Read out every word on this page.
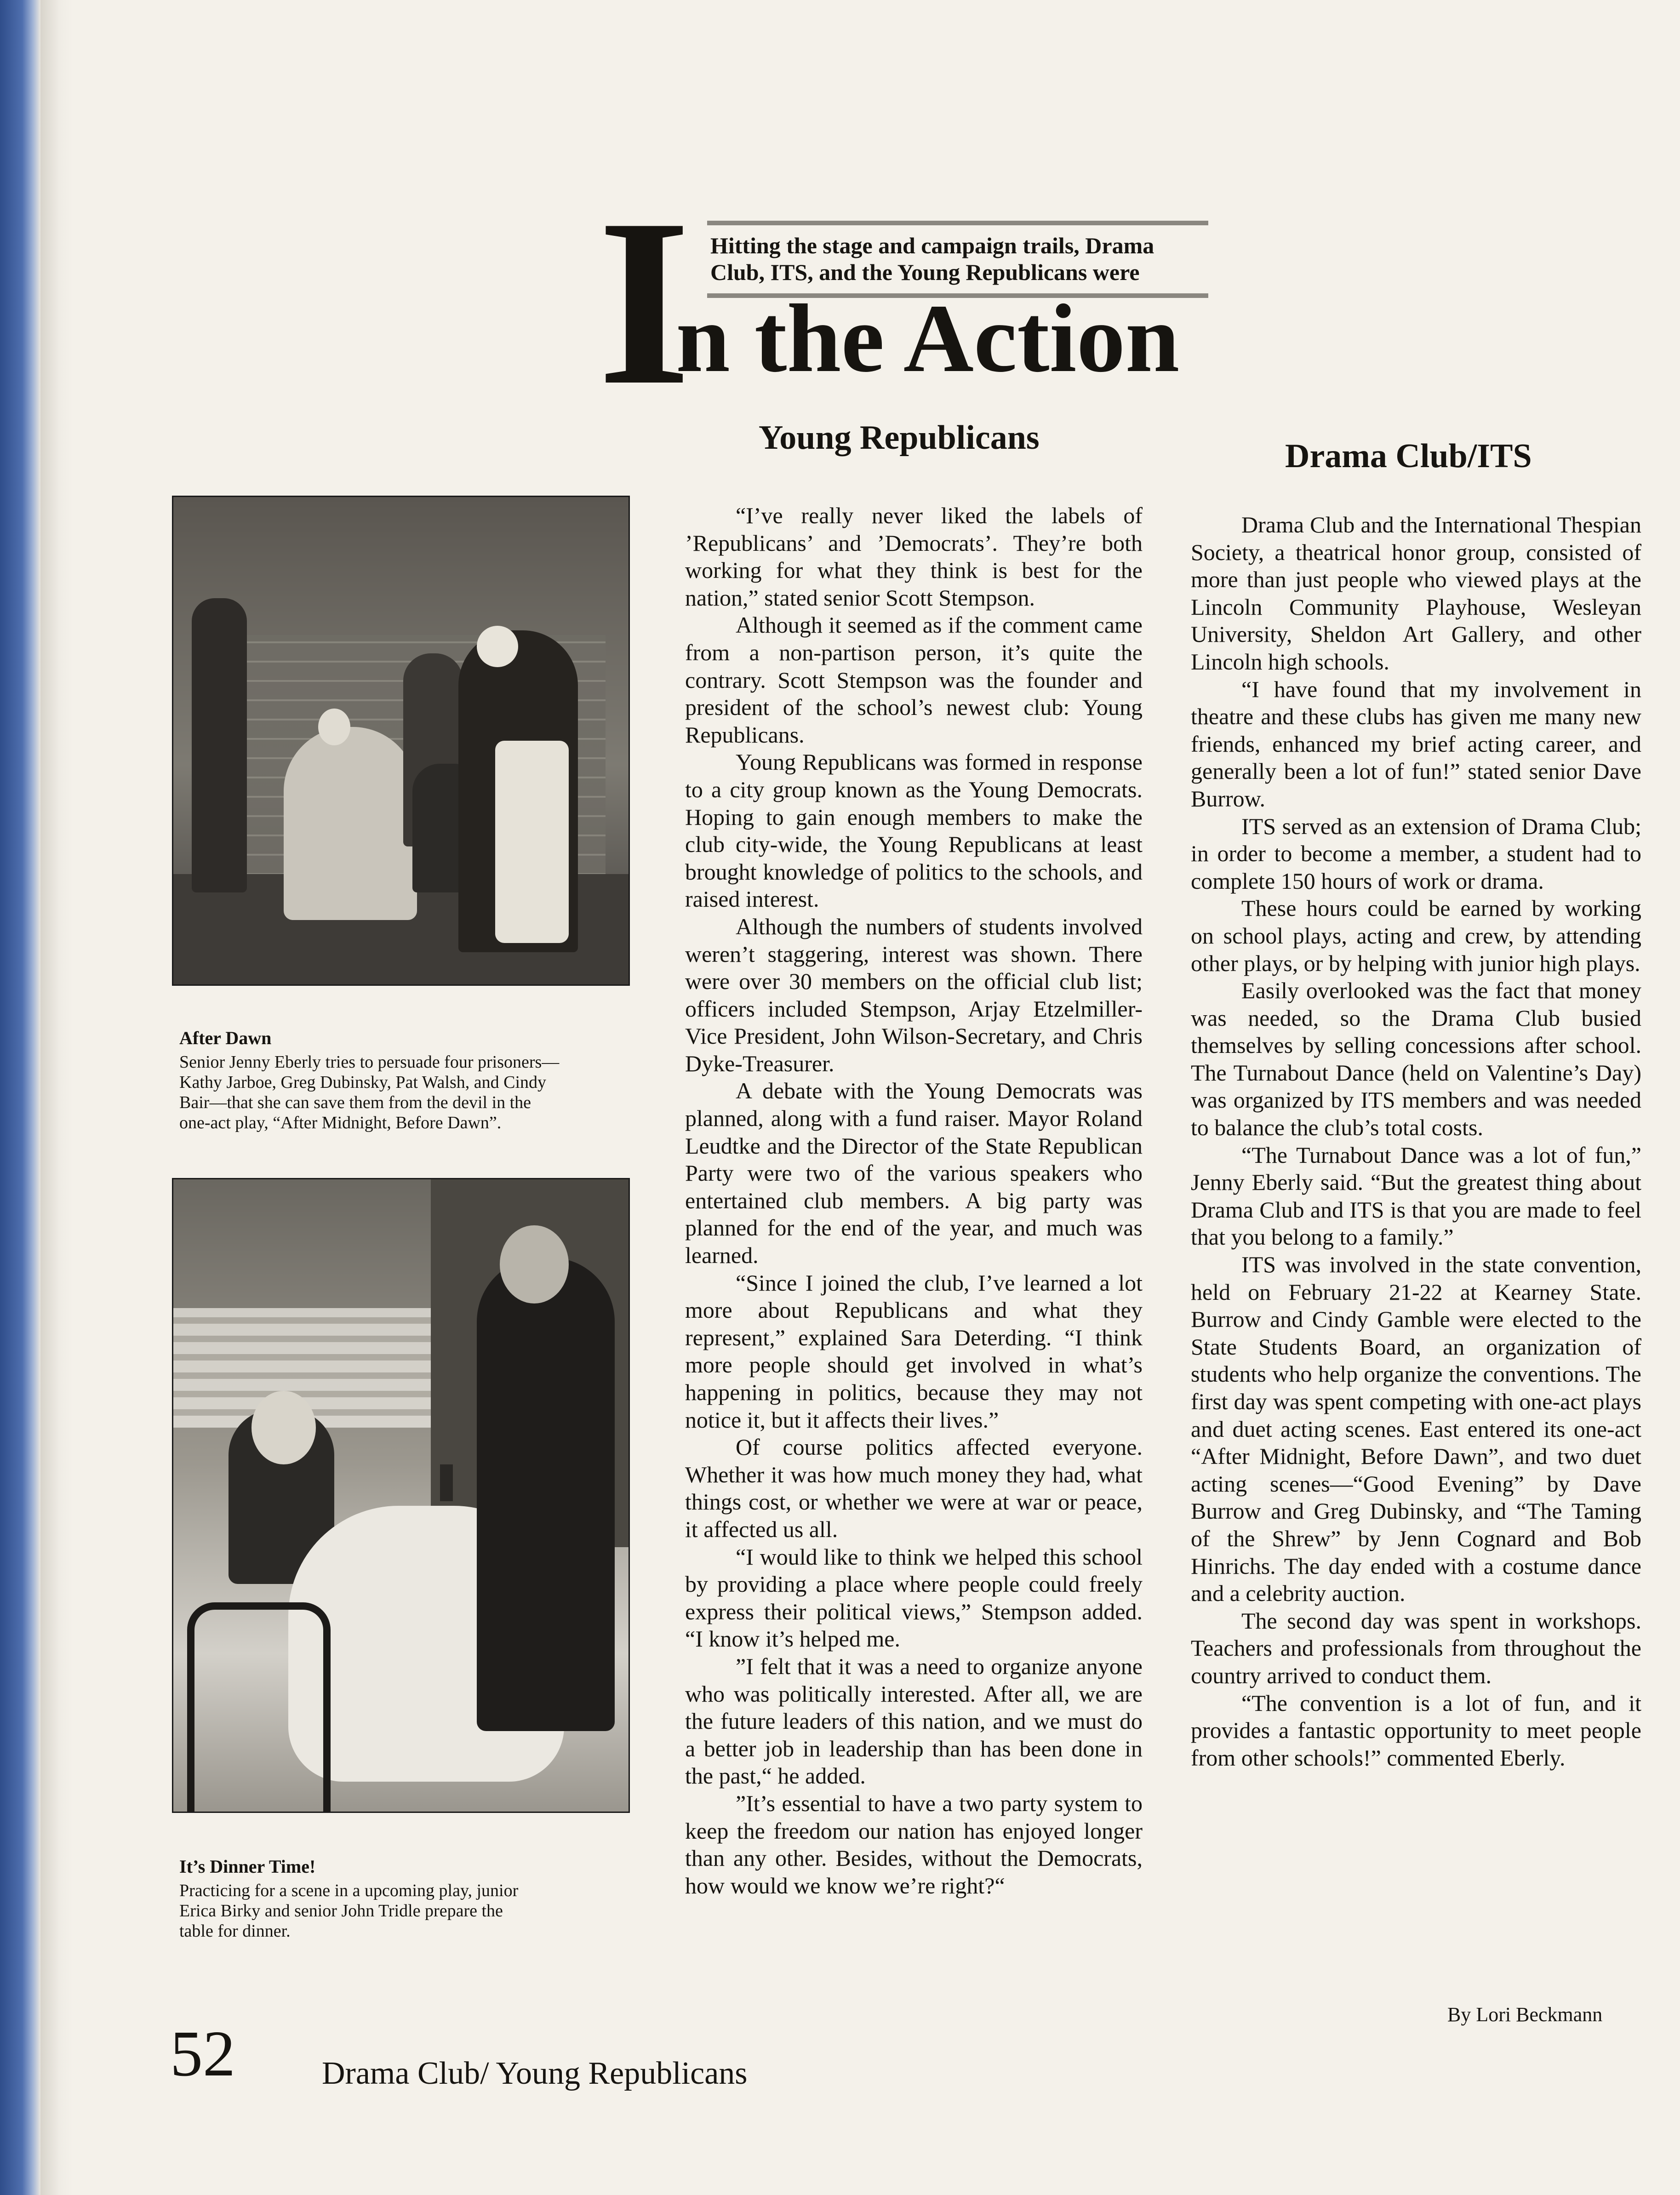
I Hitting the stage and campaign trails, Drama
Club, ITS, and the Young Republicans were
n the Action
Young Republicans	Drama Club/ITS
After Dawn
Senior Jenny Eberly tries to persuade four prisoners—
Kathy Jarboe, Greg Dubinsky, Pat Walsh, and Cindy
Bair—that she can save them from the devil in the
one-act play, “After Midnight, Before Dawn”.
It’s Dinner Time!
Practicing for a scene in a upcoming play, junior
Erica Birky and senior John Tridle prepare the
table for dinner.

“I’ve really never liked the labels of ’Republicans’ and ’Democrats’. They’re both working for what they think is best for the nation,” stated senior Scott Stempson.

Although it seemed as if the comment came from a non-partison person, it’s quite the contrary. Scott Stempson was the founder and president of the school’s newest club: Young Republicans.

Young Republicans was formed in response to a city group known as the Young Democrats. Hoping to gain enough members to make the club city-wide, the Young Republicans at least brought knowledge of politics to the schools, and raised interest.

Although the numbers of students involved weren’t staggering, interest was shown. There were over 30 members on the official club list; officers included Stempson, Arjay Etzelmiller-Vice President, John Wilson-Secretary, and Chris Dyke-Treasurer.

A debate with the Young Democrats was planned, along with a fund raiser. Mayor Roland Leudtke and the Director of the State Republican Party were two of the various speakers who entertained club members. A big party was planned for the end of the year, and much was learned.

“Since I joined the club, I’ve learned a lot more about Republicans and what they represent,” explained Sara Deterding. “I think more people should get involved in what’s happening in politics, because they may not notice it, but it affects their lives.”

Of course politics affected everyone. Whether it was how much money they had, what things cost, or whether we were at war or peace, it affected us all.

“I would like to think we helped this school by providing a place where people could freely express their political views,” Stempson added. “I know it’s helped me.

”I felt that it was a need to organize anyone who was politically interested. After all, we are the future leaders of this nation, and we must do a better job in leadership than has been done in the past,“ he added.

”It’s essential to have a two party system to keep the freedom our nation has enjoyed longer than any other. Besides, without the Democrats, how would we know we’re right?“

Drama Club and the International Thespian Society, a theatrical honor group, consisted of more than just people who viewed plays at the Lincoln Community Playhouse, Wesleyan University, Sheldon Art Gallery, and other Lincoln high schools.

“I have found that my involvement in theatre and these clubs has given me many new friends, enhanced my brief acting career, and generally been a lot of fun!” stated senior Dave Burrow.

ITS served as an extension of Drama Club; in order to become a member, a student had to complete 150 hours of work or drama.

These hours could be earned by working on school plays, acting and crew, by attending other plays, or by helping with junior high plays.

Easily overlooked was the fact that money was needed, so the Drama Club busied themselves by selling concessions after school. The Turnabout Dance (held on Valentine’s Day) was organized by ITS members and was needed to balance the club’s total costs.

“The Turnabout Dance was a lot of fun,” Jenny Eberly said. “But the greatest thing about Drama Club and ITS is that you are made to feel that you belong to a family.”

ITS was involved in the state convention, held on February 21-22 at Kearney State. Burrow and Cindy Gamble were elected to the State Students Board, an organization of students who help organize the conventions. The first day was spent competing with one-act plays and duet acting scenes. East entered its one-act “After Midnight, Before Dawn”, and two duet acting scenes—“Good Evening” by Dave Burrow and Greg Dubinsky, and “The Taming of the Shrew” by Jenn Cognard and Bob Hinrichs. The day ended with a costume dance and a celebrity auction.

The second day was spent in workshops. Teachers and professionals from throughout the country arrived to conduct them.

“The convention is a lot of fun, and it provides a fantastic opportunity to meet people from other schools!” commented Eberly.

By Lori Beckmann
52	Drama Club/ Young Republicans
